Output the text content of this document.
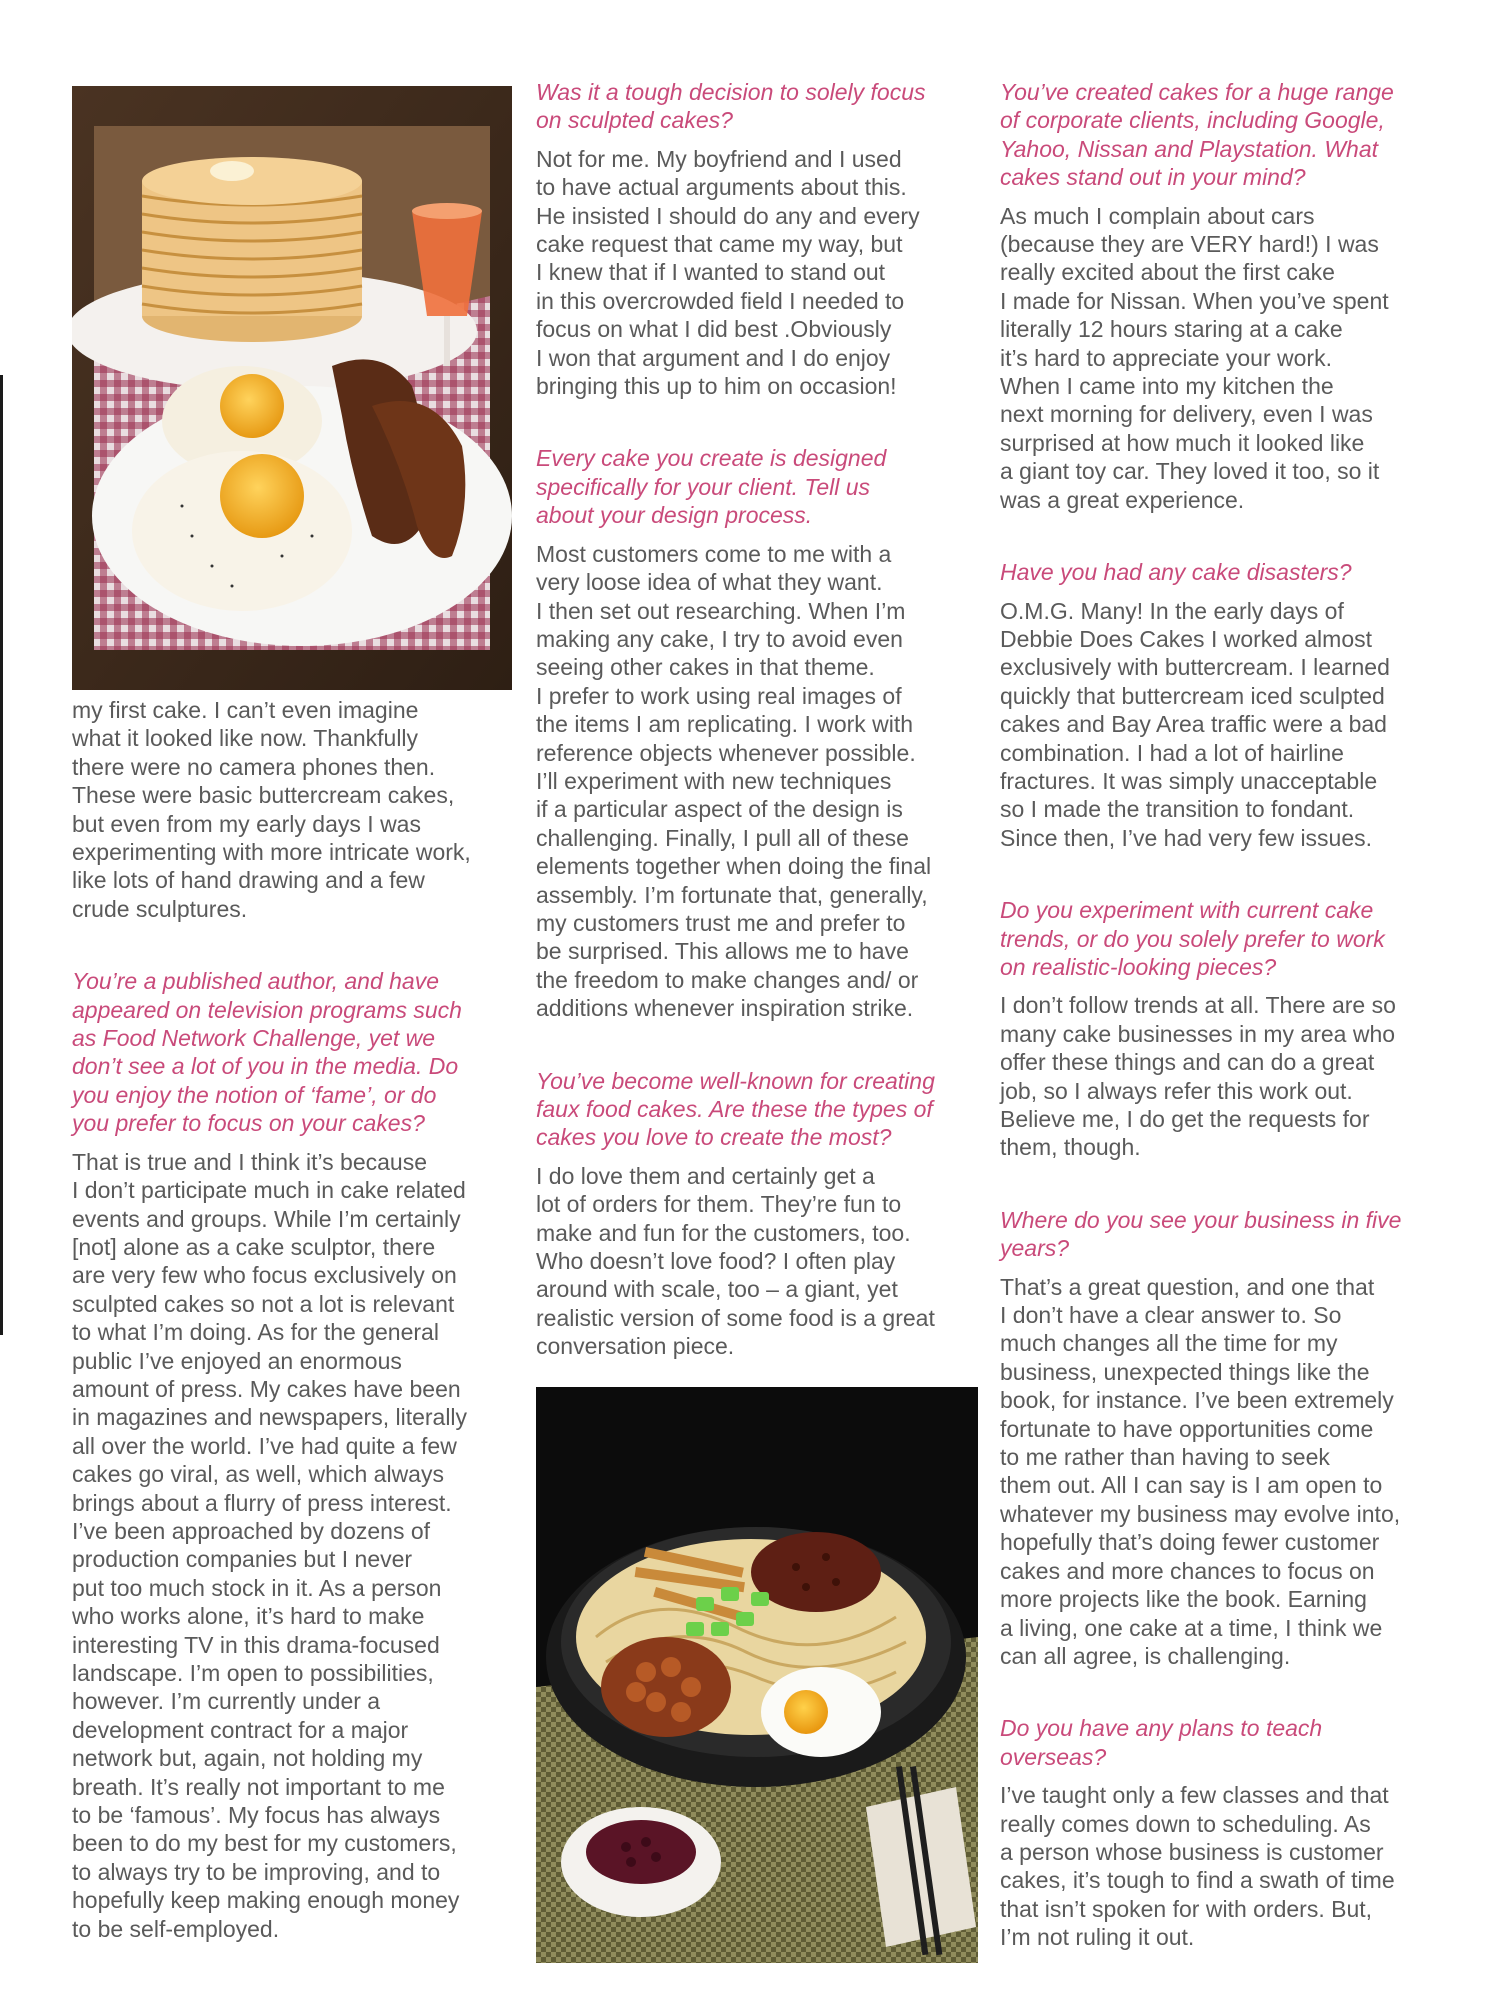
my first cake. I can’t even imagine
what it looked like now. Thankfully
there were no camera phones then.
These were basic buttercream cakes,
but even from my early days I was
experimenting with more intricate work,
like lots of hand drawing and a few
crude sculptures.

You’re a published author, and have
appeared on television programs such
as Food Network Challenge, yet we
don’t see a lot of you in the media. Do
you enjoy the notion of ‘fame’, or do
you prefer to focus on your cakes?

That is true and I think it’s because
I don’t participate much in cake related
events and groups. While I’m certainly
[not] alone as a cake sculptor, there
are very few who focus exclusively on
sculpted cakes so not a lot is relevant
to what I’m doing. As for the general
public I’ve enjoyed an enormous
amount of press. My cakes have been
in magazines and newspapers, literally
all over the world. I’ve had quite a few
cakes go viral, as well, which always
brings about a flurry of press interest.
I’ve been approached by dozens of
production companies but I never
put too much stock in it. As a person
who works alone, it’s hard to make
interesting TV in this drama-focused
landscape. I’m open to possibilities,
however. I’m currently under a
development contract for a major
network but, again, not holding my
breath. It’s really not important to me
to be ‘famous’. My focus has always
been to do my best for my customers,
to always try to be improving, and to
hopefully keep making enough money
to be self-employed.

Was it a tough decision to solely focus
on sculpted cakes?

Not for me. My boyfriend and I used
to have actual arguments about this.
He insisted I should do any and every
cake request that came my way, but
I knew that if I wanted to stand out
in this overcrowded field I needed to
focus on what I did best .Obviously
I won that argument and I do enjoy
bringing this up to him on occasion!

Every cake you create is designed
specifically for your client. Tell us
about your design process.

Most customers come to me with a
very loose idea of what they want.
I then set out researching. When I’m
making any cake, I try to avoid even
seeing other cakes in that theme.
I prefer to work using real images of
the items I am replicating. I work with
reference objects whenever possible.
I’ll experiment with new techniques
if a particular aspect of the design is
challenging. Finally, I pull all of these
elements together when doing the final
assembly. I’m fortunate that, generally,
my customers trust me and prefer to
be surprised. This allows me to have
the freedom to make changes and/ or
additions whenever inspiration strike.

You’ve become well-known for creating
faux food cakes. Are these the types of
cakes you love to create the most?

I do love them and certainly get a
lot of orders for them. They’re fun to
make and fun for the customers, too.
Who doesn’t love food? I often play
around with scale, too – a giant, yet
realistic version of some food is a great
conversation piece.

You’ve created cakes for a huge range
of corporate clients, including Google,
Yahoo, Nissan and Playstation. What
cakes stand out in your mind?

As much I complain about cars
(because they are VERY hard!) I was
really excited about the first cake
I made for Nissan. When you’ve spent
literally 12 hours staring at a cake
it’s hard to appreciate your work.
When I came into my kitchen the
next morning for delivery, even I was
surprised at how much it looked like
a giant toy car. They loved it too, so it
was a great experience.

Have you had any cake disasters?

O.M.G. Many! In the early days of
Debbie Does Cakes I worked almost
exclusively with buttercream. I learned
quickly that buttercream iced sculpted
cakes and Bay Area traffic were a bad
combination. I had a lot of hairline
fractures. It was simply unacceptable
so I made the transition to fondant.
Since then, I’ve had very few issues.

Do you experiment with current cake
trends, or do you solely prefer to work
on realistic-looking pieces?

I don’t follow trends at all. There are so
many cake businesses in my area who
offer these things and can do a great
job, so I always refer this work out.
Believe me, I do get the requests for
them, though.

Where do you see your business in five
years?

That’s a great question, and one that
I don’t have a clear answer to. So
much changes all the time for my
business, unexpected things like the
book, for instance. I’ve been extremely
fortunate to have opportunities come
to me rather than having to seek
them out. All I can say is I am open to
whatever my business may evolve into,
hopefully that’s doing fewer customer
cakes and more chances to focus on
more projects like the book. Earning
a living, one cake at a time, I think we
can all agree, is challenging.

Do you have any plans to teach
overseas?

I’ve taught only a few classes and that
really comes down to scheduling. As
a person whose business is customer
cakes, it’s tough to find a swath of time
that isn’t spoken for with orders. But,
I’m not ruling it out.
